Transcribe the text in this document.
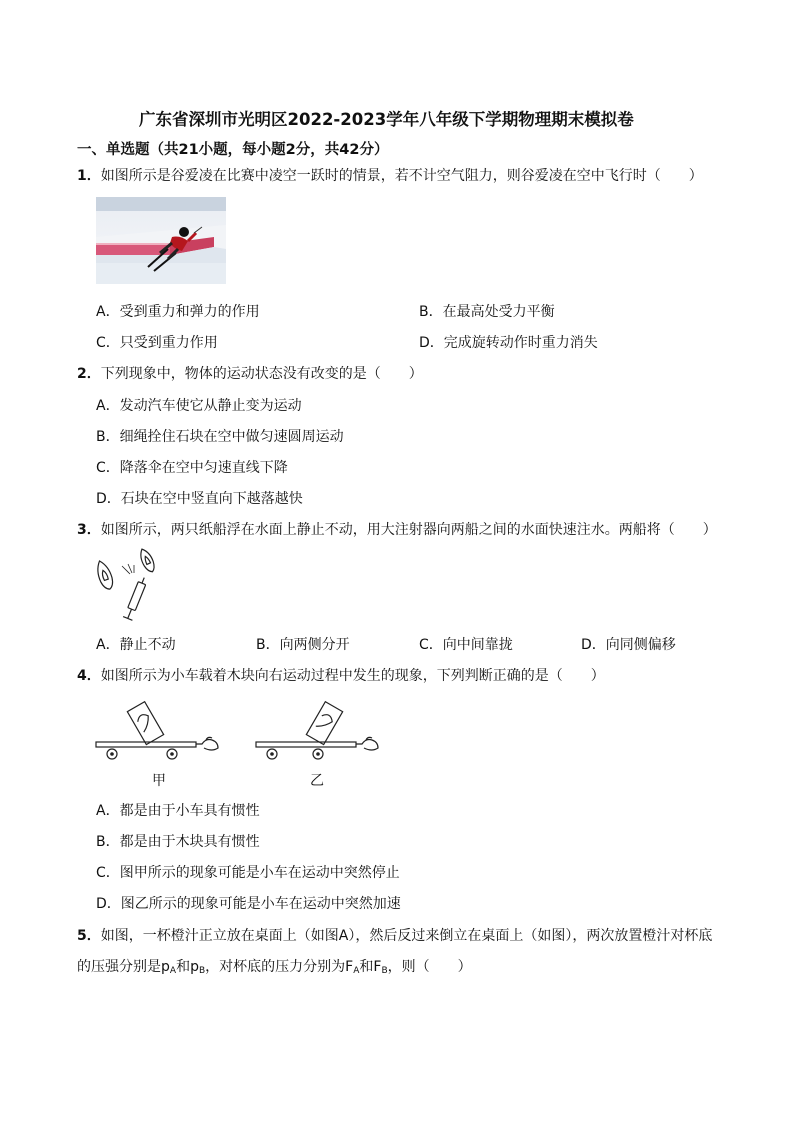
广东省深圳市光明区2022-2023学年八年级下学期物理期末模拟卷
一、单选题（共21小题，每小题2分，共42分）
1．如图所示是谷爱凌在比赛中凌空一跃时的情景，若不计空气阻力，则谷爱凌在空中飞行时（　　）
A．受到重力和弹力的作用	B．在最高处受力平衡
C．只受到重力作用	D．完成旋转动作时重力消失
2．下列现象中，物体的运动状态没有改变的是（　　）
A．发动汽车使它从静止变为运动
B．细绳拴住石块在空中做匀速圆周运动
C．降落伞在空中匀速直线下降
D．石块在空中竖直向下越落越快
3．如图所示，两只纸船浮在水面上静止不动，用大注射器向两船之间的水面快速注水。两船将（　　）
A．静止不动	B．向两侧分开	C．向中间靠拢	D．向同侧偏移
4．如图所示为小车载着木块向右运动过程中发生的现象，下列判断正确的是（　　）
甲	乙
A．都是由于小车具有惯性
B．都是由于木块具有惯性
C．图甲所示的现象可能是小车在运动中突然停止
D．图乙所示的现象可能是小车在运动中突然加速
5．如图，一杯橙汁正立放在桌面上（如图A），然后反过来倒立在桌面上（如图），两次放置橙汁对杯底
的压强分别是$p_A$和$p_B$，对杯底的压力分别为$F_A$和$F_B$，则（　　）
